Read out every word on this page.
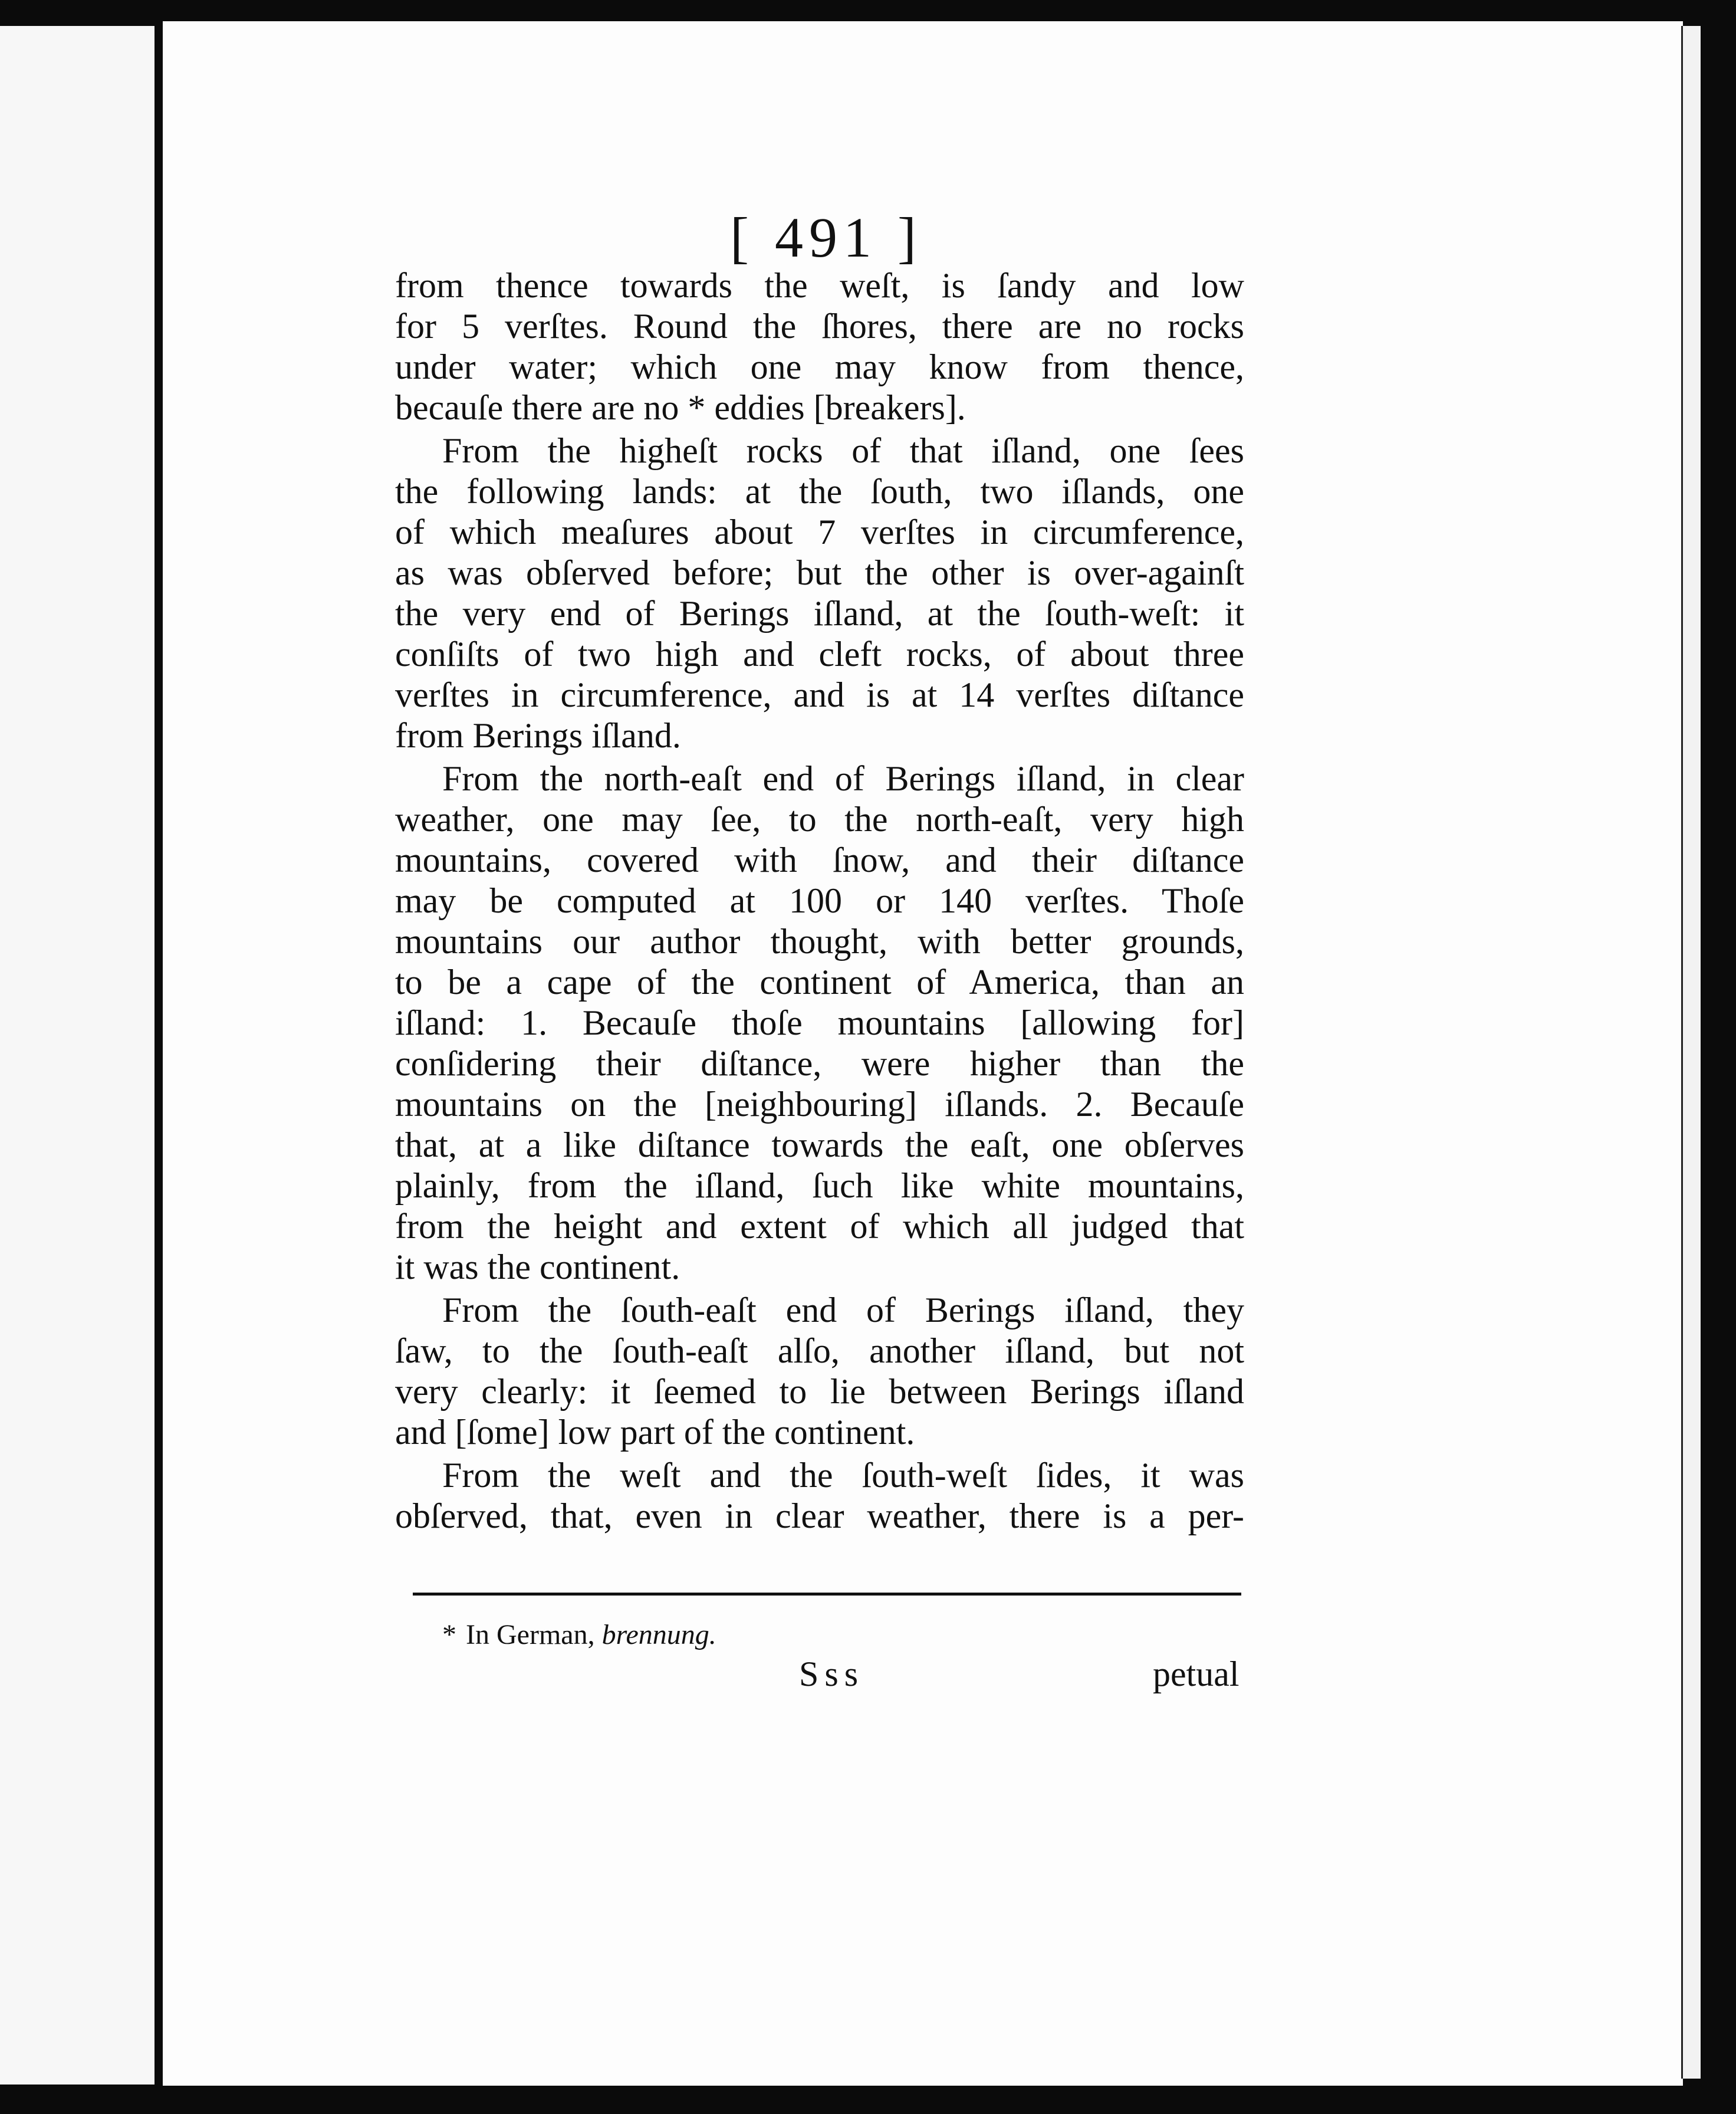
[ 491 ]
from thence towards the weſt, is ſandy and low
for 5 verſtes. Round the ſhores, there are no rocks
under water; which one may know from thence,
becauſe there are no * eddies [breakers].
From the higheſt rocks of that iſland, one ſees
the following lands: at the ſouth, two iſlands, one
of which meaſures about 7 verſtes in circumference,
as was obſerved before; but the other is over-againſt
the very end of Berings iſland, at the ſouth-weſt: it
conſiſts of two high and cleft rocks, of about three
verſtes in circumference, and is at 14 verſtes diſtance
from Berings iſland.
From the north-eaſt end of Berings iſland, in clear
weather, one may ſee, to the north-eaſt, very high
mountains, covered with ſnow, and their diſtance
may be computed at 100 or 140 verſtes. Thoſe
mountains our author thought, with better grounds,
to be a cape of the continent of America, than an
iſland: 1. Becauſe thoſe mountains [allowing for]
conſidering their diſtance, were higher than the
mountains on the [neighbouring] iſlands. 2. Becauſe
that, at a like diſtance towards the eaſt, one obſerves
plainly, from the iſland, ſuch like white mountains,
from the height and extent of which all judged that
it was the continent.
From the ſouth-eaſt end of Berings iſland, they
ſaw, to the ſouth-eaſt alſo, another iſland, but not
very clearly: it ſeemed to lie between Berings iſland
and [ſome] low part of the continent.
From the weſt and the ſouth-weſt ſides, it was
obſerved, that, even in clear weather, there is a per-
* In German, brennung.
Sss	petual
